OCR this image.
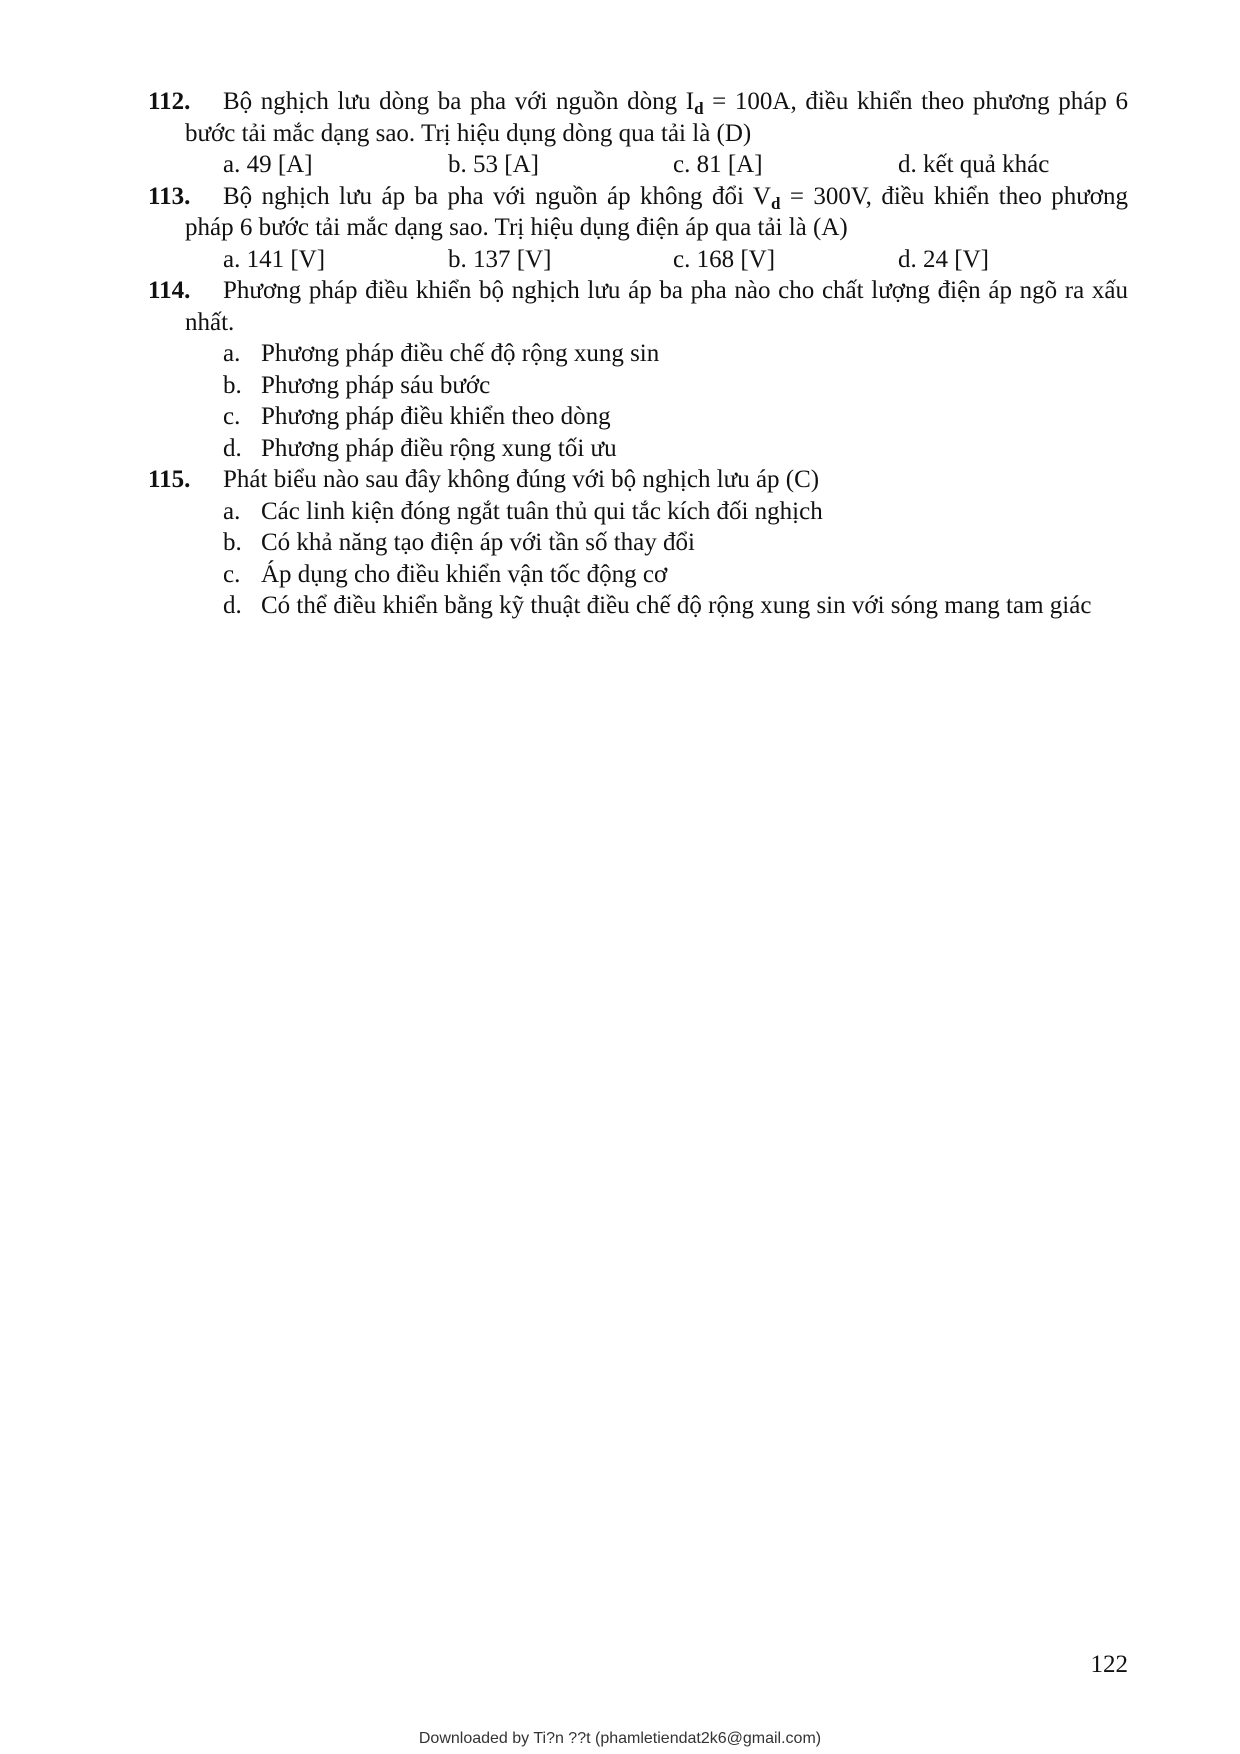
112.	Bộ nghịch lưu dòng ba pha với nguồn dòng $I_d = 100A$, điều khiển theo phương pháp 6 bước tải mắc dạng sao. Trị hiệu dụng dòng qua tải là (D)
a. 49 [A]	b. 53 [A]	c. 81 [A]	d. kết quả khác
113.	Bộ nghịch lưu áp ba pha với nguồn áp không đổi $V_d = 300V$, điều khiển theo phương pháp 6 bước tải mắc dạng sao. Trị hiệu dụng điện áp qua tải là (A)
a. 141 [V]	b. 137 [V]	c. 168 [V]	d. 24 [V]
114.	Phương pháp điều khiển bộ nghịch lưu áp ba pha nào cho chất lượng điện áp ngõ ra xấu nhất.
a. Phương pháp điều chế độ rộng xung sin
b. Phương pháp sáu bước
c. Phương pháp điều khiển theo dòng
d. Phương pháp điều rộng xung tối ưu
115.	Phát biểu nào sau đây không đúng với bộ nghịch lưu áp (C)
a. Các linh kiện đóng ngắt tuân thủ qui tắc kích đối nghịch
b. Có khả năng tạo điện áp với tần số thay đổi
c. Áp dụng cho điều khiển vận tốc động cơ
d. Có thể điều khiển bằng kỹ thuật điều chế độ rộng xung sin với sóng mang tam giác
122
Downloaded by Ti?n ??t (phamletiendat2k6@gmail.com)
